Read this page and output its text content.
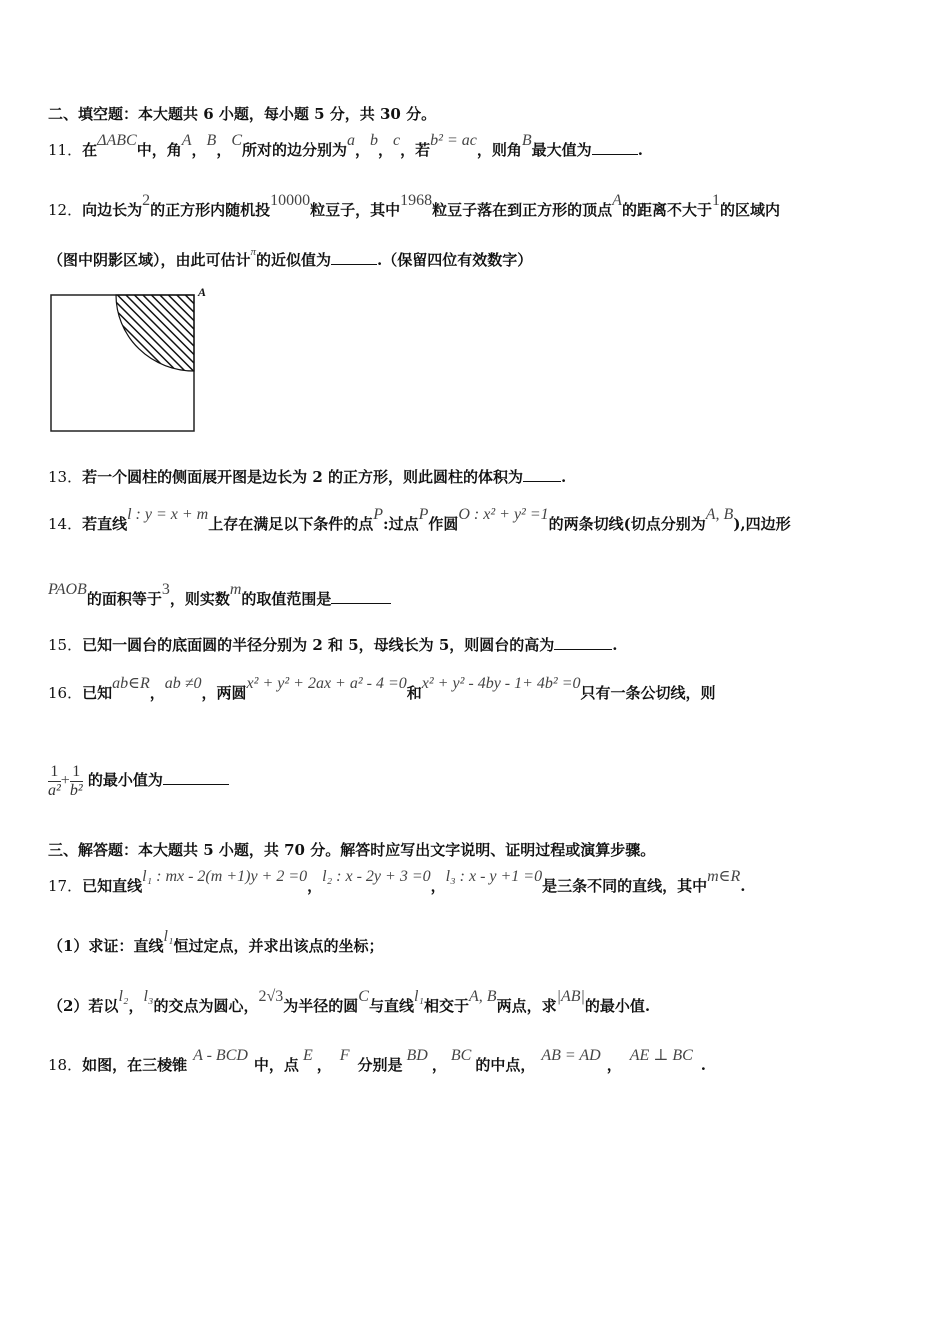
二、填空题：本大题共 6 小题，每小题 5 分，共 30 分。
11．在ΔABC中，角A，B，C所对的边分别为a，b，c，若b² = ac，则角B最大值为	.
12．向边长为2的正方形内随机投10000粒豆子，其中1968粒豆子落在到正方形的顶点A的距离不大于1的区域内
（图中阴影区域），由此可估计$^\pi$的近似值为	.（保留四位有效数字）
A
13．若一个圆柱的侧面展开图是边长为 2 的正方形，则此圆柱的体积为	.
14．若直线l : y = x + m上存在满足以下条件的点P:过点P作圆O : x² + y² =1的两条切线(切点分别为A, B),四边形
PAOB的面积等于3，则实数m的取值范围是
15．已知一圆台的底面圆的半径分别为 2 和 5，母线长为 5，则圆台的高为	.
16．已知ab∈R，ab ≠0，两圆x² + y² + 2ax + a² - 4 =0和x² + y² - 4by - 1+ 4b² =0只有一条公切线，则
$\frac{1}{\text{a²}} + \frac{1}{\text{b²}}$ 的最小值为
三、解答题：本大题共 5 小题，共 70 分。解答时应写出文字说明、证明过程或演算步骤。
17．已知直线l₁ : mx - 2(m +1)y + 2 =0，l₂ : x - 2y + 3 =0，l₃ : x - y +1 =0是三条不同的直线，其中m∈R.
（1）求证：直线l₁恒过定点，并求出该点的坐标；
（2）若以l₂，l₃的交点为圆心，2√3为半径的圆C与直线l₁相交于A, B两点，求|AB|的最小值.
18．如图，在三棱锥A - BCD中，点E，F分别是BD，BC的中点，AB = AD，AE ⊥ BC.
